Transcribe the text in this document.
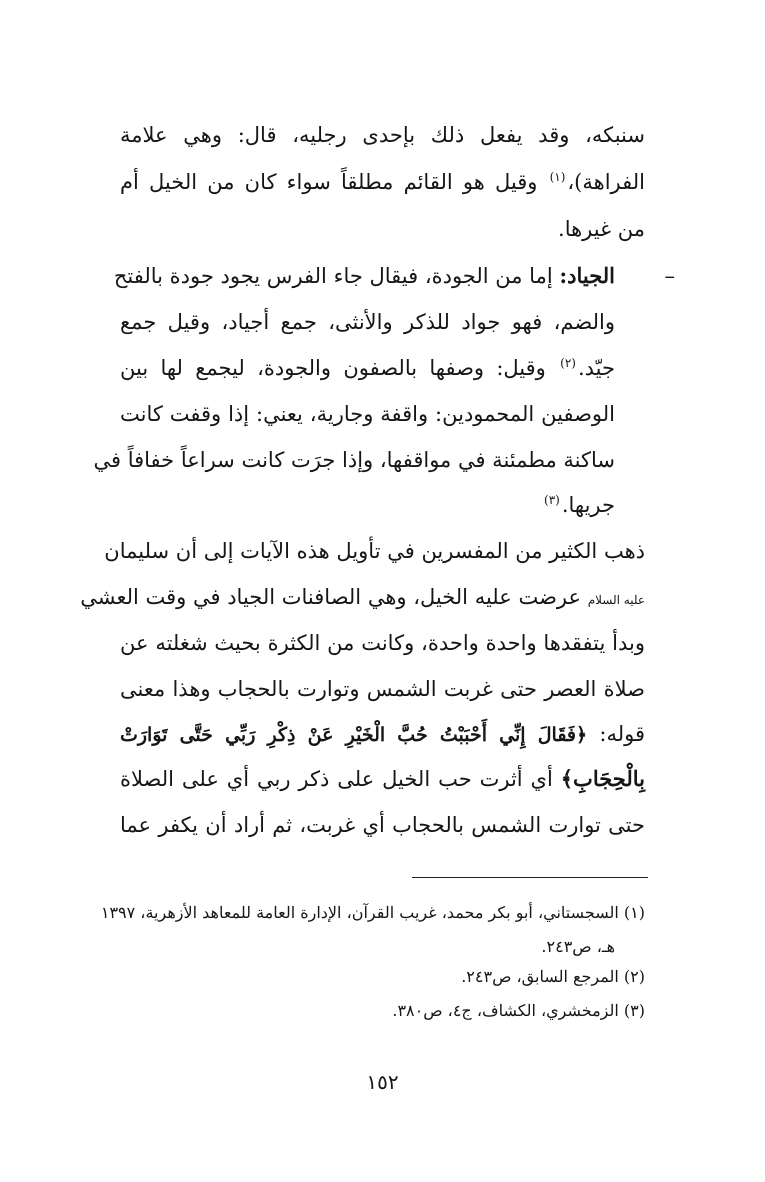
سنبكه، وقد يفعل ذلك بإحدى رجليه، قال: وهي علامة
الفراهة)،$^{(١)}$ وقيل هو القائم مطلقاً سواء كان من الخيل أم
من غيرها.
–
الجياد: إما من الجودة، فيقال جاء الفرس يجود جودة بالفتح
والضم، فهو جواد للذكر والأنثى، جمع أجياد، وقيل جمع
جيّد.$^{(٢)}$ وقيل: وصفها بالصفون والجودة، ليجمع لها بين
الوصفين المحمودين: واقفة وجارية، يعني: إذا وقفت كانت
ساكنة مطمئنة في مواقفها، وإذا جرَت كانت سراعاً خفافاً في
جريها.$^{(٣)}$
ذهب الكثير من المفسرين في تأويل هذه الآيات إلى أن سليمان
عليه السلام عرضت عليه الخيل، وهي الصافنات الجياد في وقت العشي
وبدأ يتفقدها واحدة واحدة، وكانت من الكثرة بحيث شغلته عن
صلاة العصر حتى غربت الشمس وتوارت بالحجاب وهذا معنى
قوله: ﴿فَقَالَ إِنِّي أَحْبَبْتُ حُبَّ الْخَيْرِ عَنْ ذِكْرِ رَبِّي حَتَّى تَوَارَتْ
بِالْحِجَابِ﴾ أي أثرت حب الخيل على ذكر ربي أي على الصلاة
حتى توارت الشمس بالحجاب أي غربت، ثم أراد أن يكفر عما
(١) السجستاني، أبو بكر محمد، غريب القرآن، الإدارة العامة للمعاهد الأزهرية، ١٣٩٧
هـ، ص٢٤٣.
(٢) المرجع السابق، ص٢٤٣.
(٣) الزمخشري، الكشاف، ج٤، ص٣٨٠.
١٥٢
